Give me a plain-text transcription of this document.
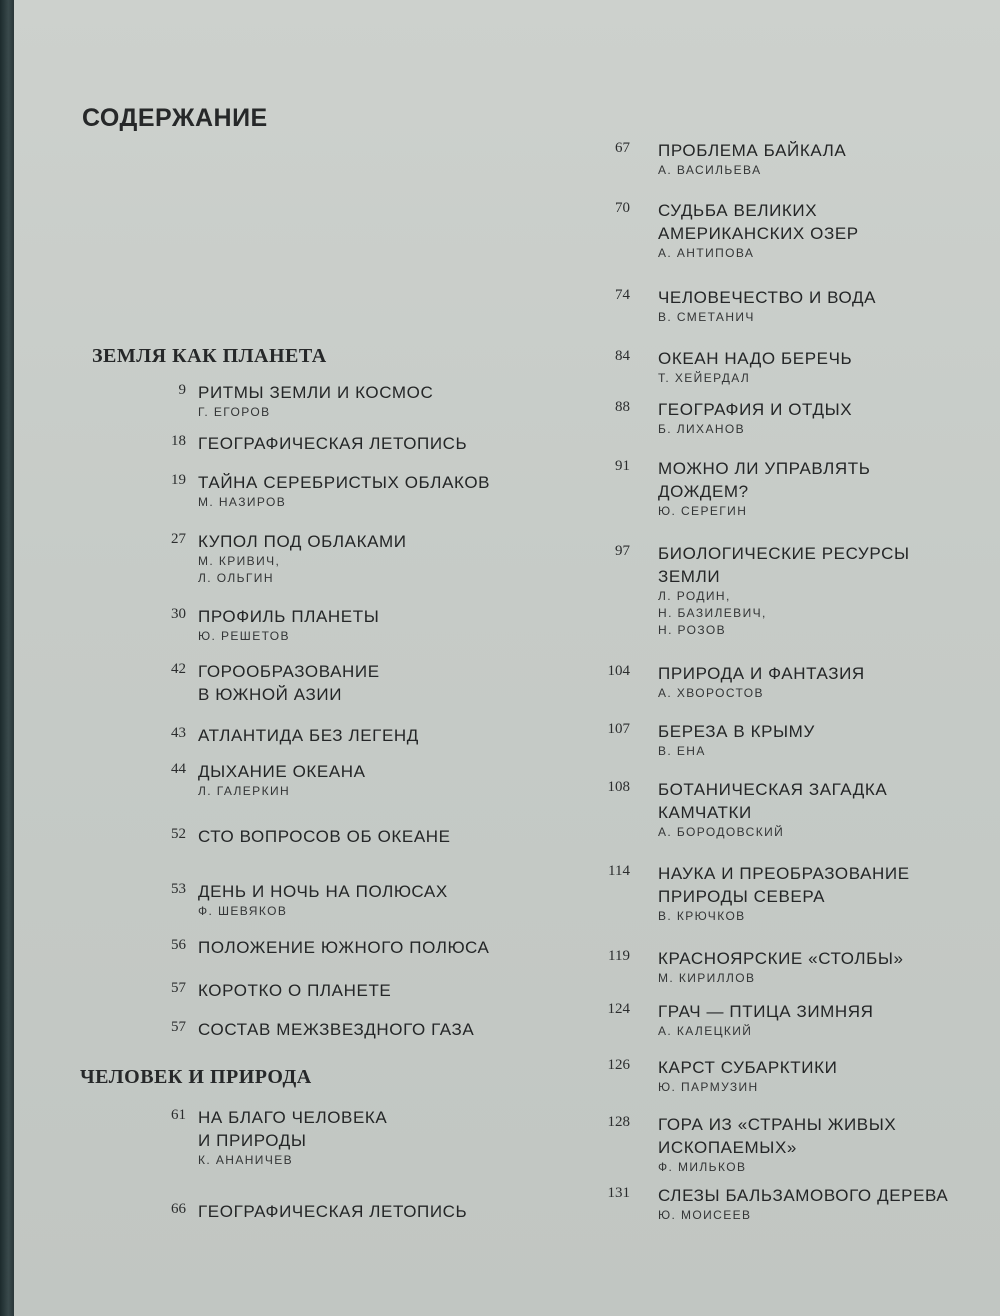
СОДЕРЖАНИЕ
ЗЕМЛЯ КАК ПЛАНЕТА
ЧЕЛОВЕК И ПРИРОДА
9 РИТМЫ ЗЕМЛИ И КОСМОС
Г. ЕГОРОВ
18 ГЕОГРАФИЧЕСКАЯ ЛЕТОПИСЬ
19 ТАЙНА СЕРЕБРИСТЫХ ОБЛАКОВ
М. НАЗИРОВ
27 КУПОЛ ПОД ОБЛАКАМИ
М. КРИВИЧ,
Л. ОЛЬГИН
30 ПРОФИЛЬ ПЛАНЕТЫ
Ю. РЕШЕТОВ
42 ГОРООБРАЗОВАНИЕ
В ЮЖНОЙ АЗИИ
43 АТЛАНТИДА БЕЗ ЛЕГЕНД
44 ДЫХАНИЕ ОКЕАНА
Л. ГАЛЕРКИН
52 СТО ВОПРОСОВ ОБ ОКЕАНЕ
53 ДЕНЬ И НОЧЬ НА ПОЛЮСАХ
Ф. ШЕВЯКОВ
56 ПОЛОЖЕНИЕ ЮЖНОГО ПОЛЮСА
57 КОРОТКО О ПЛАНЕТЕ
57 СОСТАВ МЕЖЗВЕЗДНОГО ГАЗА
61 НА БЛАГО ЧЕЛОВЕКА
И ПРИРОДЫ
К. АНАНИЧЕВ
66 ГЕОГРАФИЧЕСКАЯ ЛЕТОПИСЬ
67 ПРОБЛЕМА БАЙКАЛА
А. ВАСИЛЬЕВА
70 СУДЬБА ВЕЛИКИХ
АМЕРИКАНСКИХ ОЗЕР
А. АНТИПОВА
74 ЧЕЛОВЕЧЕСТВО И ВОДА
В. СМЕТАНИЧ
84 ОКЕАН НАДО БЕРЕЧЬ
Т. ХЕЙЕРДАЛ
88 ГЕОГРАФИЯ И ОТДЫХ
Б. ЛИХАНОВ
91 МОЖНО ЛИ УПРАВЛЯТЬ
ДОЖДЕМ?
Ю. СЕРЕГИН
97 БИОЛОГИЧЕСКИЕ РЕСУРСЫ
ЗЕМЛИ
Л. РОДИН,
Н. БАЗИЛЕВИЧ,
Н. РОЗОВ
104 ПРИРОДА И ФАНТАЗИЯ
А. ХВОРОСТОВ
107 БЕРЕЗА В КРЫМУ
В. ЕНА
108 БОТАНИЧЕСКАЯ ЗАГАДКА
КАМЧАТКИ
А. БОРОДОВСКИЙ
114 НАУКА И ПРЕОБРАЗОВАНИЕ
ПРИРОДЫ СЕВЕРА
В. КРЮЧКОВ
119 КРАСНОЯРСКИЕ «СТОЛБЫ»
М. КИРИЛЛОВ
124 ГРАЧ — ПТИЦА ЗИМНЯЯ
А. КАЛЕЦКИЙ
126 КАРСТ СУБАРКТИКИ
Ю. ПАРМУЗИН
128 ГОРА ИЗ «СТРАНЫ ЖИВЫХ
ИСКОПАЕМЫХ»
Ф. МИЛЬКОВ
131 СЛЕЗЫ БАЛЬЗАМОВОГО ДЕРЕВА
Ю. МОИСЕЕВ
